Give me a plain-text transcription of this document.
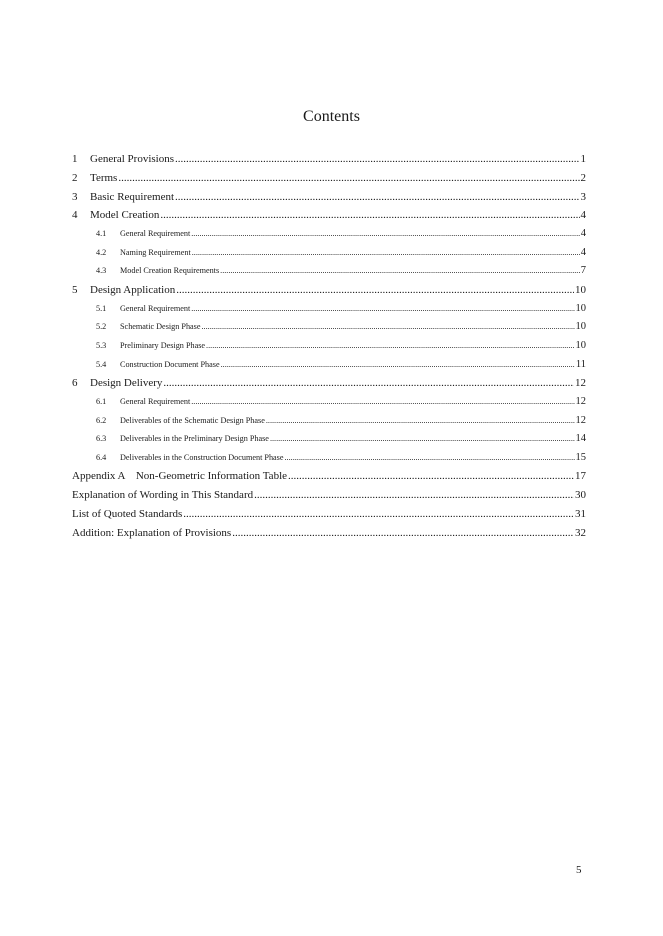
Contents
1	General Provisions .....	1
2	Terms .....	2
3	Basic Requirement .....	3
4	Model Creation .....	4
4.1	General Requirement .....	4
4.2	Naming Requirement .....	4
4.3	Model Creation Requirements .....	7
5	Design Application .....	10
5.1	General Requirement .....	10
5.2	Schematic Design Phase .....	10
5.3	Preliminary Design Phase .....	10
5.4	Construction Document Phase .....	11
6	Design Delivery .....	12
6.1	General Requirement .....	12
6.2	Deliverables of the Schematic Design Phase .....	12
6.3	Deliverables in the Preliminary Design Phase .....	14
6.4	Deliverables in the Construction Document Phase .....	15
Appendix A    Non-Geometric Information Table .....	17
Explanation of Wording in This Standard .....	30
List of Quoted Standards .....	31
Addition: Explanation of Provisions .....	32
5
